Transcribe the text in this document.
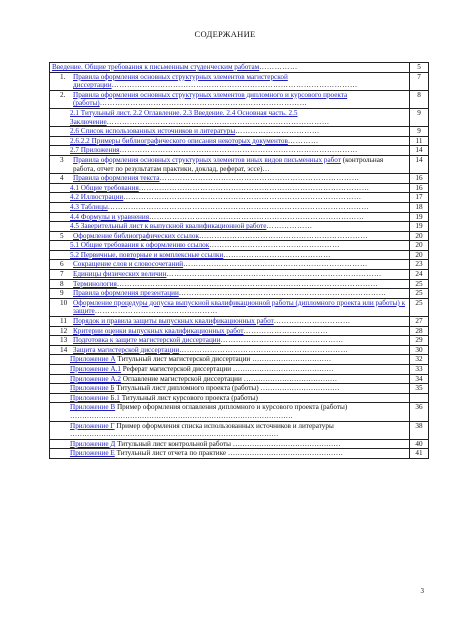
СОДЕРЖАНИЕ
Введение. Общие требования к письменным студенческим работам……………	5

1. Правила оформления основных структурных элементов магистерской диссертации……………………………………………………………………………………	7

2. Правила оформления основных структурных элементов дипломного и курсового проекта (работы)………………………………………………………………………	8

2.1 Титульный лист. 2.2 Оглавление. 2.3 Введение. 2.4 Основная часть. 2.5 Заключение……………………………………………………………………………	9

2.6 Список использованных источников и литературы……………………………	9

2.6.2.2 Примеры библиографического описания некоторых документов…………	11

2.7 Приложения…………………………………………………………………………………	14

3 Правила оформления основных структурных элементов иных видов письменных работ (контрольная работа, отчет по результатам практики, доклад, реферат, эссе)…	14

4 Правила оформления текста……………………………………………………………………	16

4.1 Общие требования………………………………………………………………………………	16

4.2 Иллюстрации…………………………………………………………………………………	17

4.3 Таблицы…………………………………………………………………………………………	18

4.4 Формулы и уравнения…………………………………………………………………………	19

4.5 Заверительный лист к выпускной квалификационной работе………………	19

5 Оформление библиографических ссылок…………………………………………………………	20

5.1 Общие требования к оформлению ссылок……………………………………………	20

5.2 Первичные, повторные и комплексные ссылки……………………………………	20

6 Сокращение слов и словосочетаний………………………………………………………………	23

7 Единицы физических величин…………………………………………………………………………	24

8 Терминология…………………………………………………………………………………………	25

9 Правила оформления презентации………………………………………………………………………	25

10 Оформление процедуры допуска выпускной квалификационной работы (дипломного проекта или работы) к защите…………………………………………	25

11 Порядок и правила защиты выпускных квалификационных работ…………………………	27

12 Критерии оценки выпускных квалификационных работ……………………………	28

13 Подготовка к защите магистерской диссертации…………………………………………	29

14 Защита магистерской диссертации…………………………………………………………	30

Приложение А Титульный лист магистерской диссертации ……………………………	32

Приложение А.1 Реферат магистерской диссертации ……………………………………	33

Приложение А.2 Оглавление магистерской диссертации …………………………………	34

Приложение Б Титульный лист дипломного проекта (работы) ……………………………	35

Приложение Б.1 Титульный лист курсового проекта (работы)	

Приложение В Пример оформления оглавления дипломного и курсового проекта (работы) …………………………………………………………………………………	36

Приложение Г Пример оформления списка использованных источников и литературы ……………………………………………………………………………	38

Приложение Д Титульный лист контрольной работы ………………………………………	40

Приложение Е Титульный лист отчета по практике …………………………………………	41
3
